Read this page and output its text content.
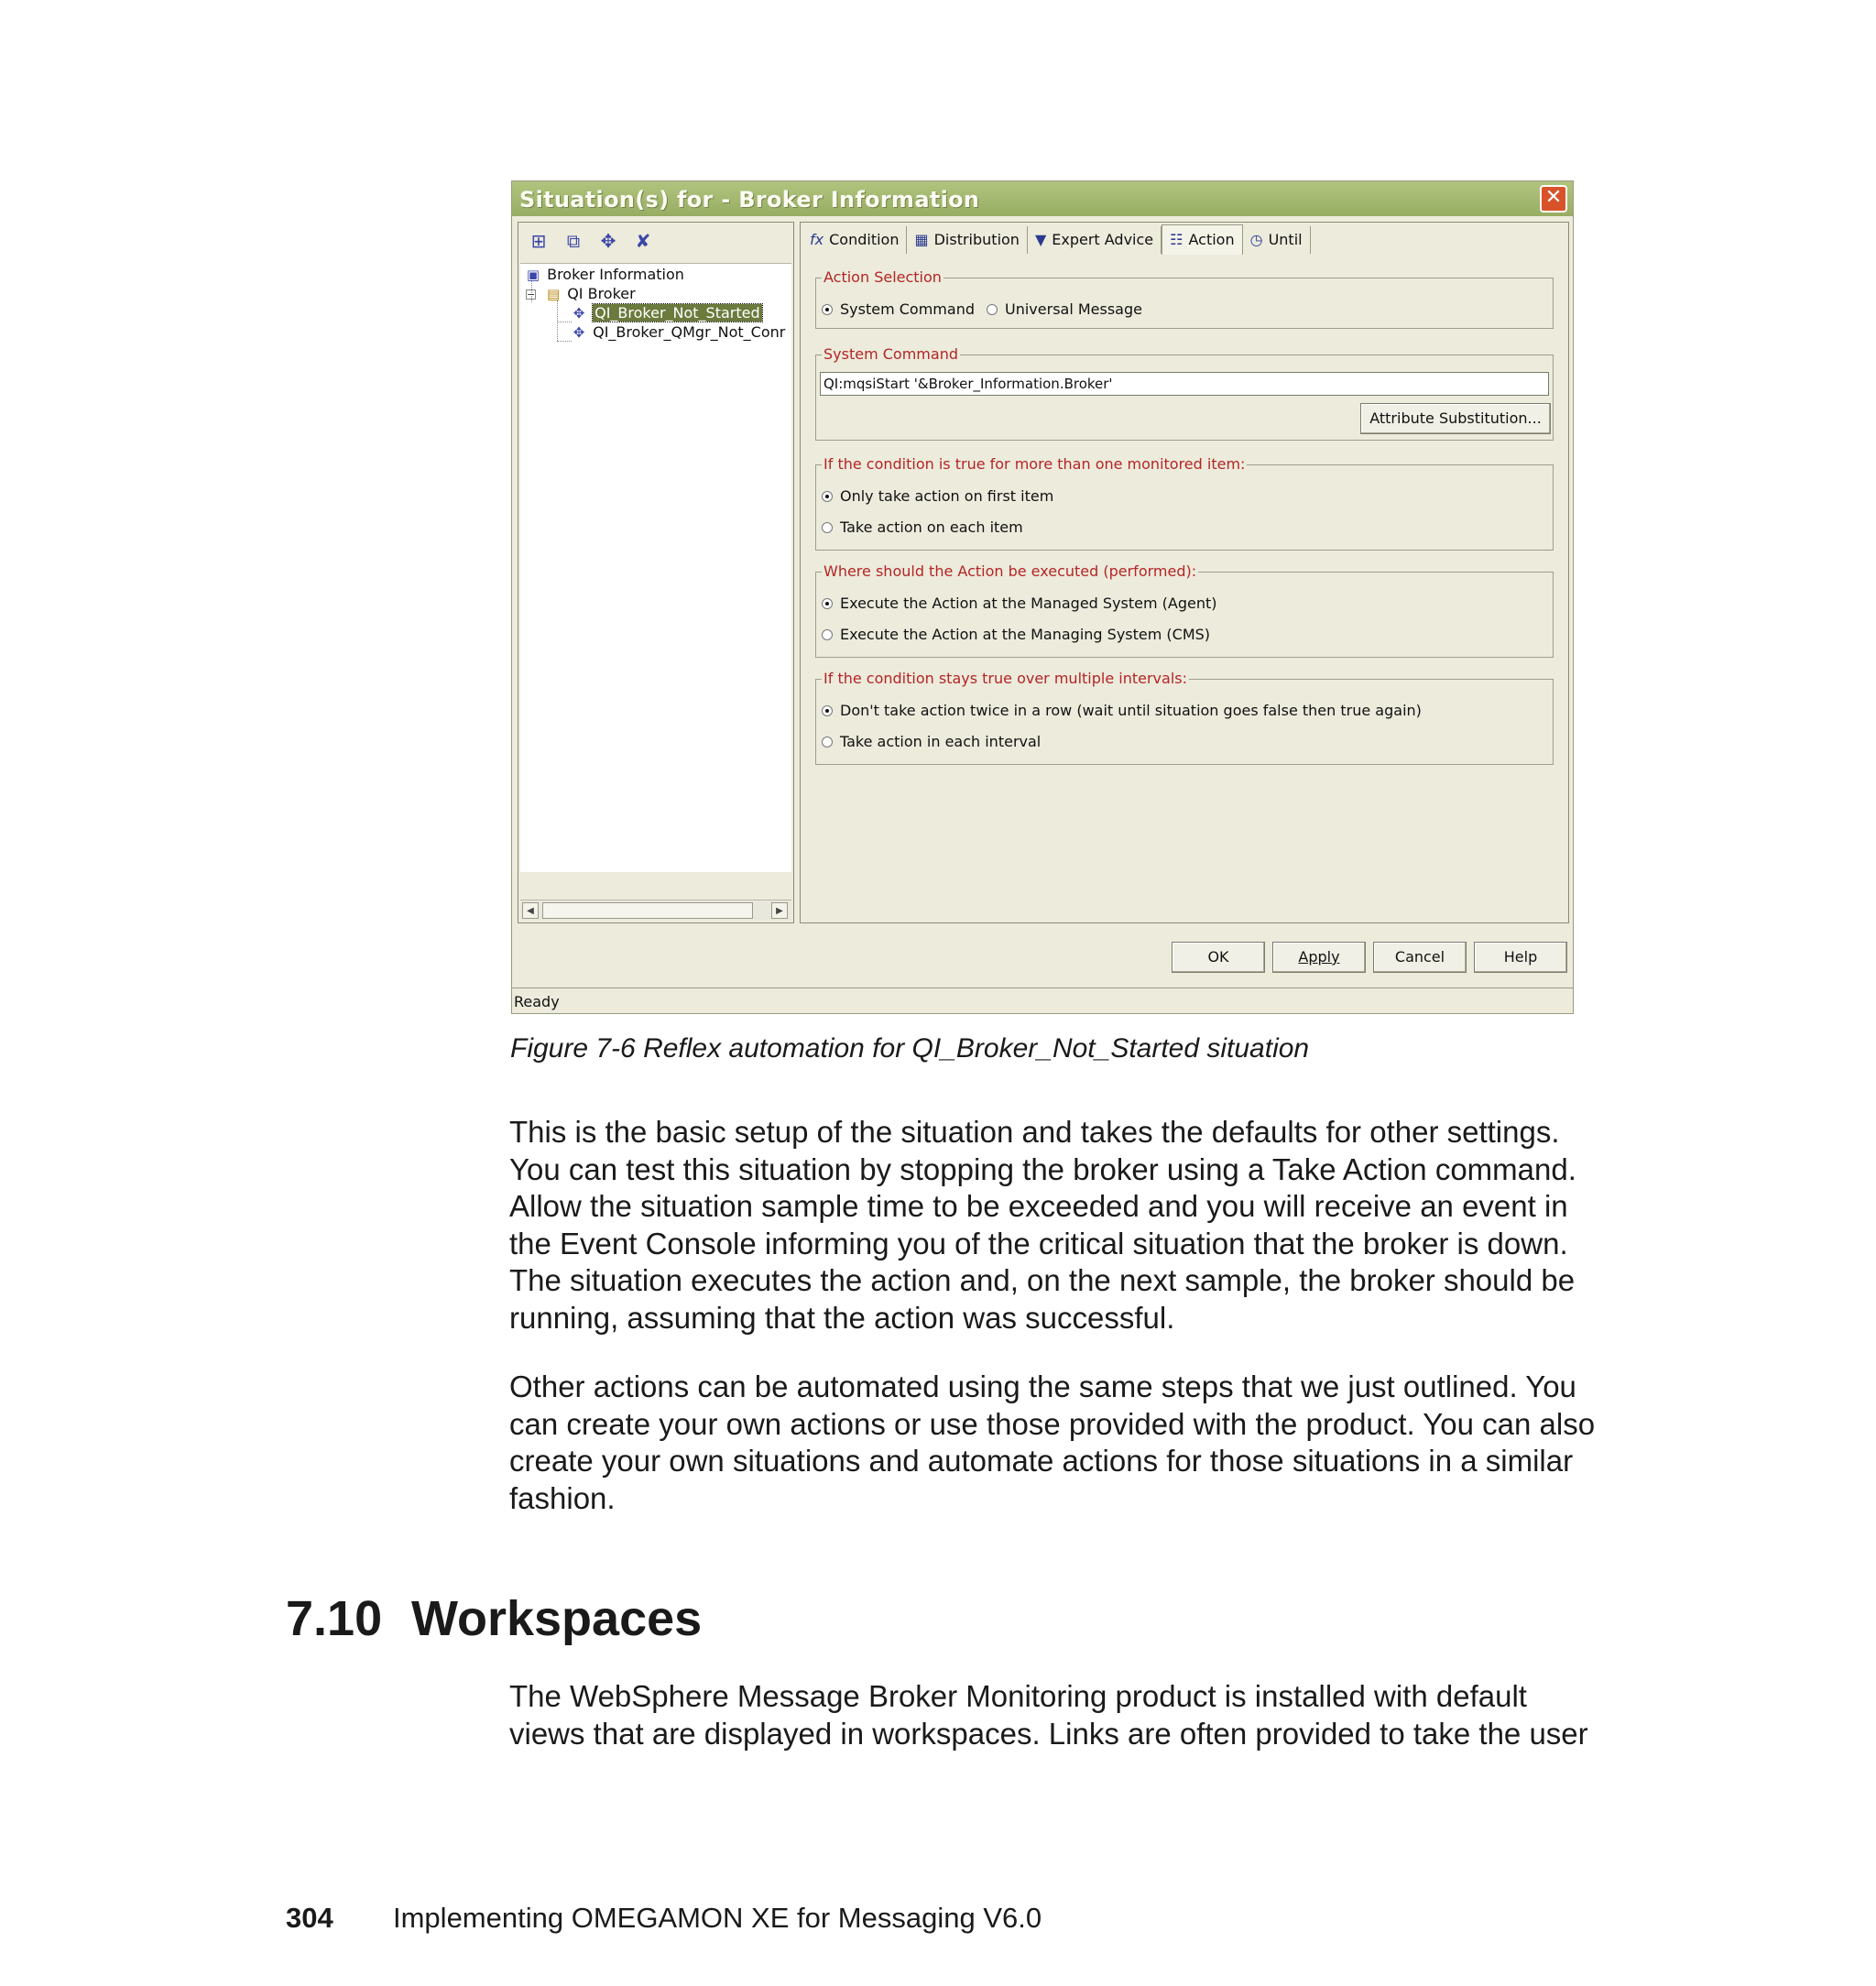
Situation(s) for - Broker Information	✕
⊞	⧉	✥ ✘
▣ Broker Information
− ▤ QI Broker
✥ QI_Broker_Not_Started
✥ QI_Broker_QMgr_Not_Conr
◀	▶
fx Condition ▦ Distribution ▼ Expert Advice ☷ Action ◷ Until
Action Selection
System Command Universal Message
System Command
QI:mqsiStart '&Broker_Information.Broker'
Attribute Substitution...
If the condition is true for more than one monitored item:
Only take action on first item
Take action on each item
Where should the Action be executed (performed):
Execute the Action at the Managed System (Agent)
Execute the Action at the Managing System (CMS)
If the condition stays true over multiple intervals:
Don't take action twice in a row (wait until situation goes false then true again)
Take action in each interval
OK	Apply	Cancel	Help
Ready
Figure 7-6 Reflex automation for QI_Broker_Not_Started situation
This is the basic setup of the situation and takes the defaults for other settings.
You can test this situation by stopping the broker using a Take Action command.
Allow the situation sample time to be exceeded and you will receive an event in
the Event Console informing you of the critical situation that the broker is down.
The situation executes the action and, on the next sample, the broker should be
running, assuming that the action was successful.
Other actions can be automated using the same steps that we just outlined. You
can create your own actions or use those provided with the product. You can also
create your own situations and automate actions for those situations in a similar
fashion.
7.10 Workspaces
The WebSphere Message Broker Monitoring product is installed with default
views that are displayed in workspaces. Links are often provided to take the user
304 Implementing OMEGAMON XE for Messaging V6.0
